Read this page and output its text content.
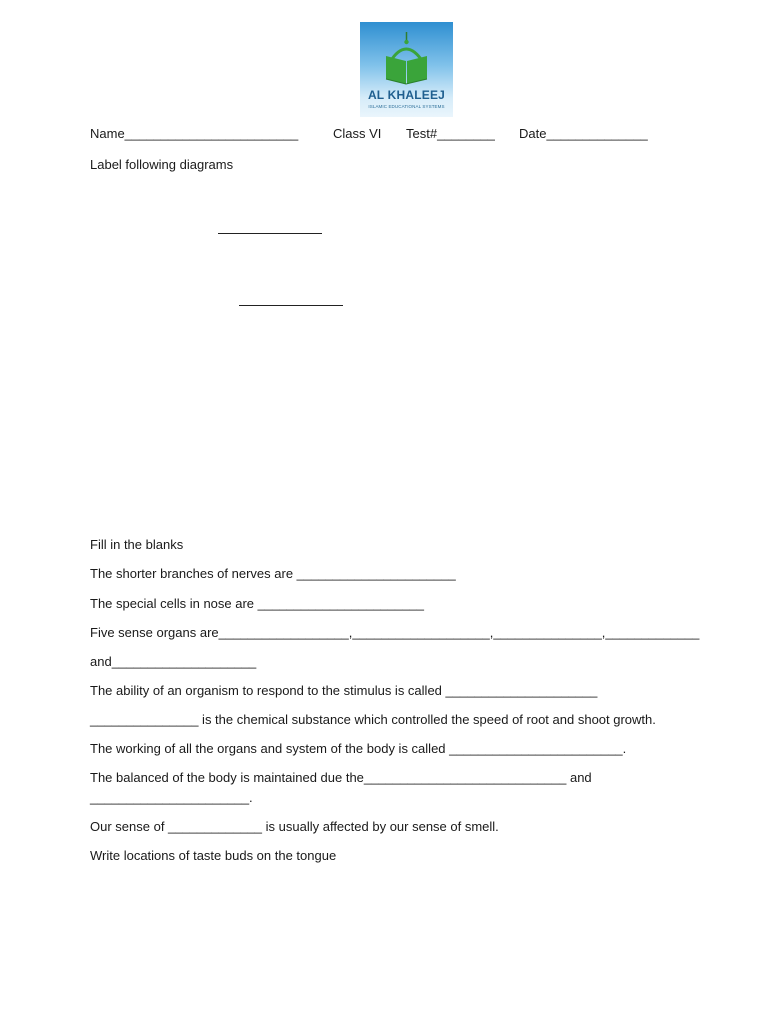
AL KHALEEJ
ISLAMIC EDUCATIONAL SYSTEMS
Name________________________	Class VI Test#________ Date______________
Label following diagrams
Fill in the blanks
The shorter branches of nerves are ______________________
The special cells in nose are _______________________
Five sense organs are__________________,___________________,_______________,_____________
and____________________
The ability of an organism to respond to the stimulus is called _____________________
_______________ is the chemical substance which controlled the speed of root and shoot growth.
The working of all the organs and system of the body is called ________________________.
The balanced of the body is maintained due the____________________________ and
______________________.
Our sense of _____________ is usually affected by our sense of smell.
Write locations of taste buds on the tongue
